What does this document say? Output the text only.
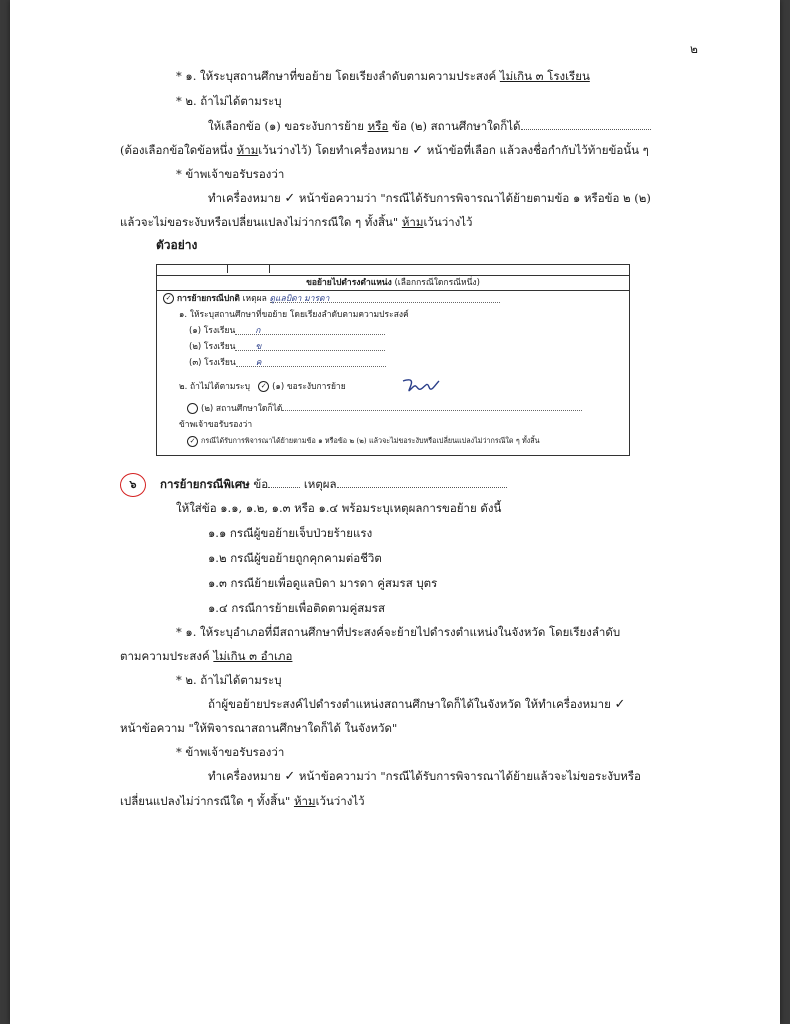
๒
* ๑. ให้ระบุสถานศึกษาที่ขอย้าย โดยเรียงลำดับตามความประสงค์ ไม่เกิน ๓ โรงเรียน
* ๒. ถ้าไม่ได้ตามระบุ
ให้เลือกข้อ (๑) ขอระงับการย้าย หรือ ข้อ (๒) สถานศึกษาใดก็ได้
(ต้องเลือกข้อใดข้อหนึ่ง ห้ามเว้นว่างไว้) โดยทำเครื่องหมาย ✓ หน้าข้อที่เลือก แล้วลงชื่อกำกับไว้ท้ายข้อนั้น ๆ
* ข้าพเจ้าขอรับรองว่า
ทำเครื่องหมาย ✓ หน้าข้อความว่า "กรณีได้รับการพิจารณาได้ย้ายตามข้อ ๑ หรือข้อ ๒ (๒)
แล้วจะไม่ขอระงับหรือเปลี่ยนแปลงไม่ว่ากรณีใด ๆ ทั้งสิ้น" ห้ามเว้นว่างไว้
ตัวอย่าง
ขอย้ายไปดำรงตำแหน่ง (เลือกกรณีใดกรณีหนึ่ง)
✓ การย้ายกรณีปกติ เหตุผล ดูแลบิดา มารดา
๑. ให้ระบุสถานศึกษาที่ขอย้าย โดยเรียงลำดับตามความประสงค์
(๑) โรงเรียน ก
(๒) โรงเรียน ข
(๓) โรงเรียน ค
๒. ถ้าไม่ได้ตามระบุ ✓ (๑) ขอระงับการย้าย
(๒) สถานศึกษาใดก็ได้
ข้าพเจ้าขอรับรองว่า
✓ กรณีได้รับการพิจารณาได้ย้ายตามข้อ ๑ หรือข้อ ๒ (๒) แล้วจะไม่ขอระงับหรือเปลี่ยนแปลงไม่ว่ากรณีใด ๆ ทั้งสิ้น
๖	การย้ายกรณีพิเศษ ข้อ	เหตุผล
ให้ใส่ข้อ ๑.๑, ๑.๒, ๑.๓ หรือ ๑.๔ พร้อมระบุเหตุผลการขอย้าย ดังนี้
๑.๑ กรณีผู้ขอย้ายเจ็บป่วยร้ายแรง
๑.๒ กรณีผู้ขอย้ายถูกคุกคามต่อชีวิต
๑.๓ กรณีย้ายเพื่อดูแลบิดา มารดา คู่สมรส บุตร
๑.๔ กรณีการย้ายเพื่อติดตามคู่สมรส
* ๑. ให้ระบุอำเภอที่มีสถานศึกษาที่ประสงค์จะย้ายไปดำรงตำแหน่งในจังหวัด โดยเรียงลำดับ
ตามความประสงค์ ไม่เกิน ๓ อำเภอ
* ๒. ถ้าไม่ได้ตามระบุ
ถ้าผู้ขอย้ายประสงค์ไปดำรงตำแหน่งสถานศึกษาใดก็ได้ในจังหวัด ให้ทำเครื่องหมาย ✓
หน้าข้อความ "ให้พิจารณาสถานศึกษาใดก็ได้ ในจังหวัด"
* ข้าพเจ้าขอรับรองว่า
ทำเครื่องหมาย ✓ หน้าข้อความว่า "กรณีได้รับการพิจารณาได้ย้ายแล้วจะไม่ขอระงับหรือ
เปลี่ยนแปลงไม่ว่ากรณีใด ๆ ทั้งสิ้น" ห้ามเว้นว่างไว้
